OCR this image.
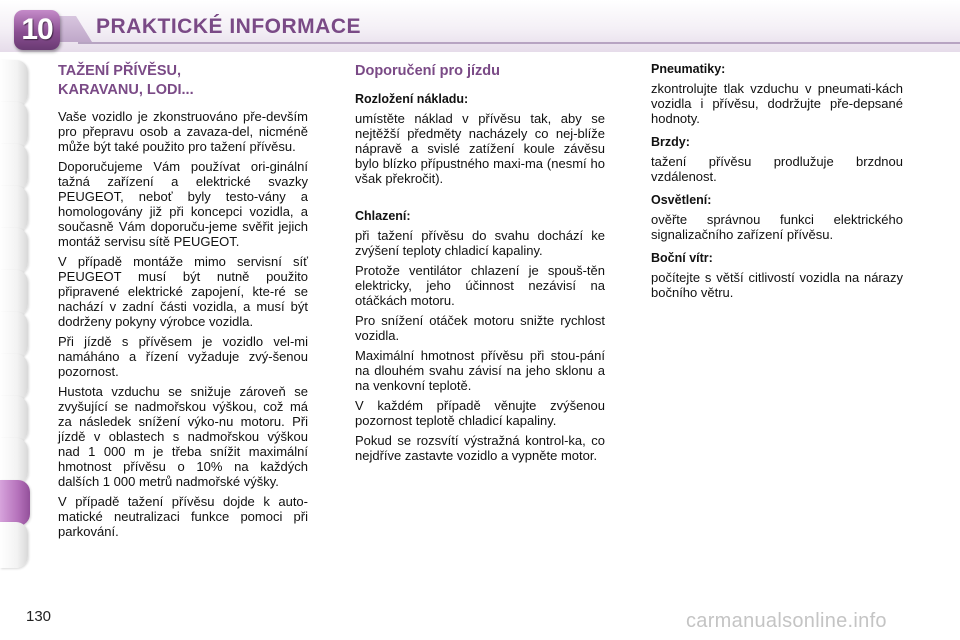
10 PRAKTICKÉ INFORMACE
TAŽENÍ PŘÍVĚSU,
KARAVANU, LODI...

Vaše vozidlo je zkonstruováno pře-devším pro přepravu osob a zavaza-del, nicméně může být také použito pro tažení přívěsu.

Doporučujeme Vám používat ori-ginální tažná zařízení a elektrické svazky PEUGEOT, neboť byly testo-vány a homologovány již při koncepci vozidla, a současně Vám doporuču-jeme svěřit jejich montáž servisu sítě PEUGEOT.

V případě montáže mimo servisní síť PEUGEOT musí být nutně použito připravené elektrické zapojení, kte-ré se nachází v zadní části vozidla, a musí být dodrženy pokyny výrobce vozidla.

Při jízdě s přívěsem je vozidlo vel-mi namáháno a řízení vyžaduje zvý-šenou pozornost.

Hustota vzduchu se snižuje zároveň se zvyšující se nadmořskou výškou, což má za následek snížení výko-nu motoru. Při jízdě v oblastech s nadmořskou výškou nad 1 000 m je třeba snížit maximální hmotnost přívěsu o 10% na každých dalších 1 000 metrů nadmořské výšky.

V případě tažení přívěsu dojde k auto-matické neutralizaci funkce pomoci při parkování.

Doporučení pro jízdu
Rozložení nákladu:

umístěte náklad v přívěsu tak, aby se nejtěžší předměty nacházely co nej-blíže nápravě a svislé zatížení koule závěsu bylo blízko přípustného maxi-ma (nesmí ho však překročit).

Chlazení:

při tažení přívěsu do svahu dochází ke zvýšení teploty chladicí kapaliny.

Protože ventilátor chlazení je spouš-těn elektricky, jeho účinnost nezávisí na otáčkách motoru.

Pro snížení otáček motoru snižte rychlost vozidla.

Maximální hmotnost přívěsu při stou-pání na dlouhém svahu závisí na jeho sklonu a na venkovní teplotě.

V každém případě věnujte zvýšenou pozornost teplotě chladicí kapaliny.

Pokud se rozsvítí výstražná kontrol-ka, co nejdříve zastavte vozidlo a vypněte motor.

Pneumatiky:

zkontrolujte tlak vzduchu v pneumati-kách vozidla i přívěsu, dodržujte pře-depsané hodnoty.

Brzdy:

tažení přívěsu prodlužuje brzdnou vzdálenost.

Osvětlení:

ověřte správnou funkci elektrického signalizačního zařízení přívěsu.

Boční vítr:

počítejte s větší citlivostí vozidla na nárazy bočního větru.

130	carmanualsonline.info
